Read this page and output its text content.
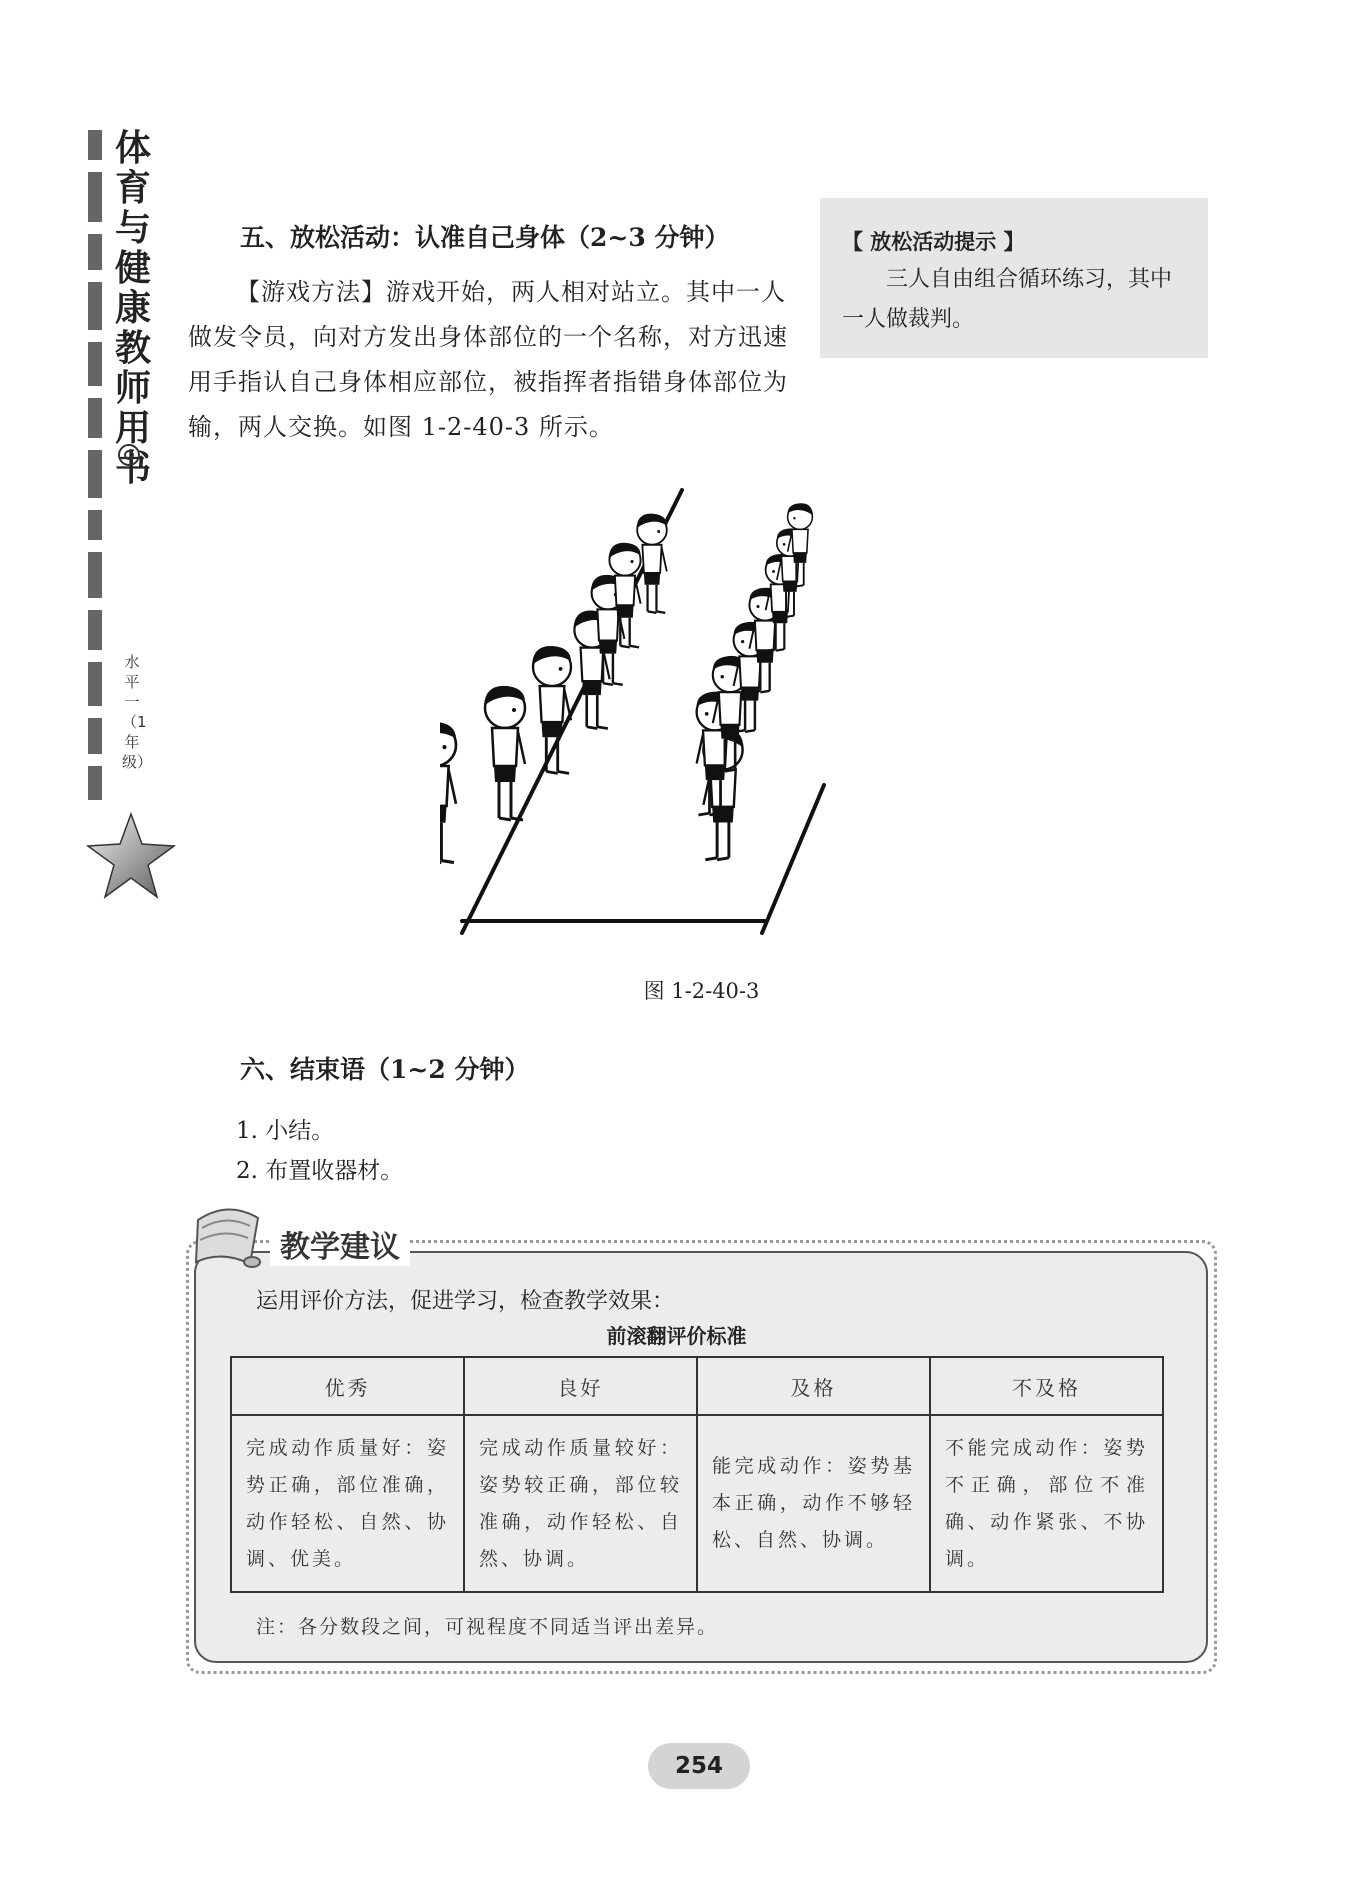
体育与健康教师用书
水平一（1年级）
五、放松活动：认准自己身体（2~3 分钟）
【游戏方法】游戏开始，两人相对站立。其中一人做发令员，向对方发出身体部位的一个名称，对方迅速用手指认自己身体相应部位，被指挥者指错身体部位为输，两人交换。如图 1-2-40-3 所示。
【 放松活动提示 】
三人自由组合循环练习，其中一人做裁判。
图 1-2-40-3
六、结束语（1~2 分钟）
1. 小结。
2. 布置收器材。
教学建议
运用评价方法，促进学习，检查教学效果：
前滚翻评价标准
优秀	良好	及格	不及格
完成动作质量好：姿势正确，部位准确，动作轻松、自然、协调、优美。	完成动作质量较好：姿势较正确，部位较准确，动作轻松、自然、协调。	能完成动作：姿势基本正确，动作不够轻松、自然、协调。	不能完成动作：姿势不正确，部位不准确、动作紧张、不协调。
注：各分数段之间，可视程度不同适当评出差异。
254
